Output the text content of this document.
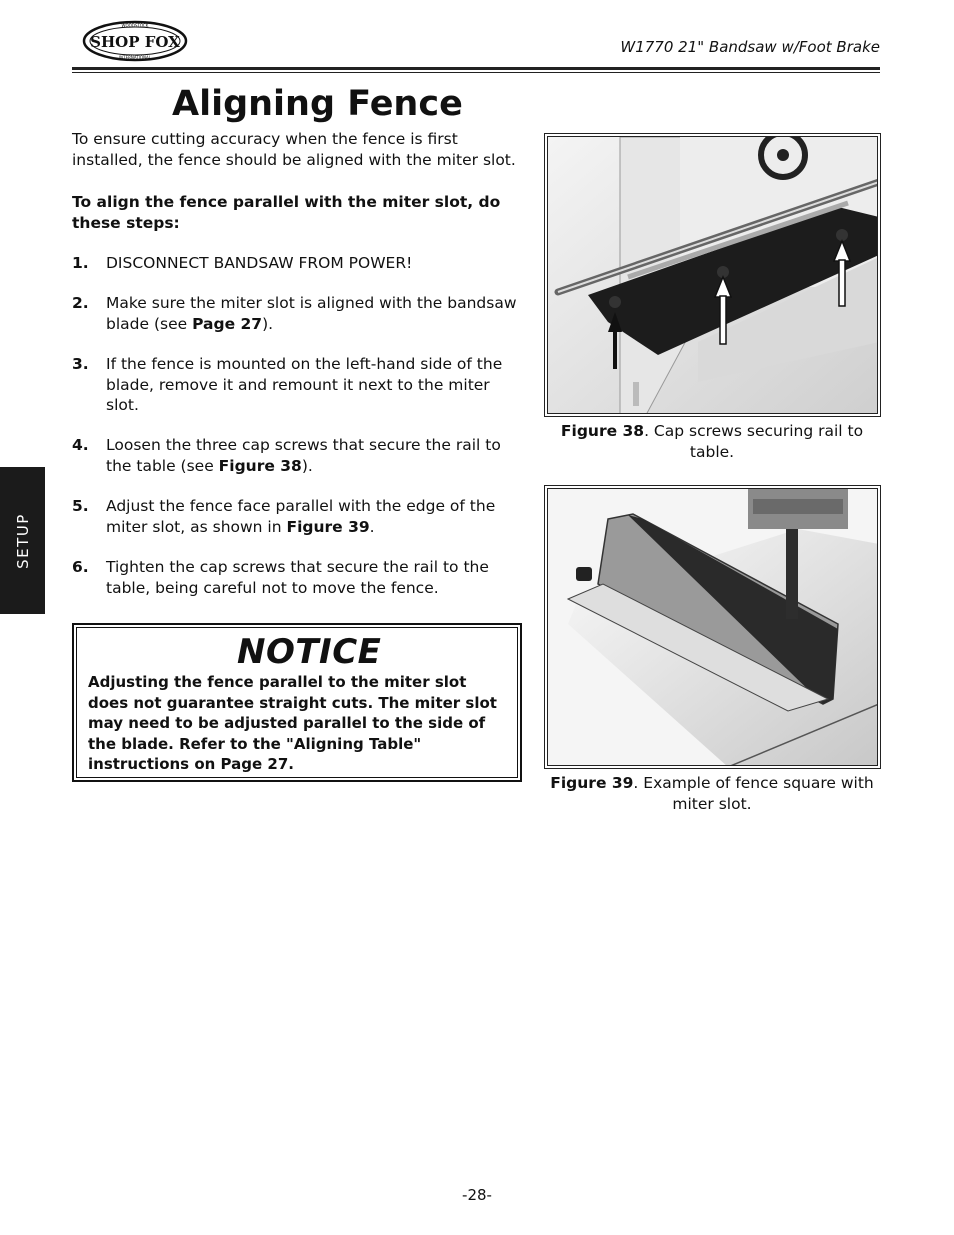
SHOP FOX
WOODSTOCK
INTERNATIONAL
W1770 21" Bandsaw w/Foot Brake
SETUP
Aligning Fence
To ensure cutting accuracy when the fence is first installed, the fence should be aligned with the miter slot.
To align the fence parallel with the miter slot, do these steps:
1. DISCONNECT BANDSAW FROM POWER!
2. Make sure the miter slot is aligned with the bandsaw blade (see Page 27).
3. If the fence is mounted on the left-hand side of the blade, remove it and remount it next to the miter slot.
4. Loosen the three cap screws that secure the rail to the table (see Figure 38).
5. Adjust the fence face parallel with the edge of the miter slot, as shown in Figure 39.
6. Tighten the cap screws that secure the rail to the table, being careful not to move the fence.
NOTICE
Adjusting the fence parallel to the miter slot does not guarantee straight cuts. The miter slot may need to be adjusted parallel to the side of the blade. Refer to the "Aligning Table" instructions on Page 27.
Figure 38. Cap screws securing rail to table.
Figure 39. Example of fence square with miter slot.
-28-
